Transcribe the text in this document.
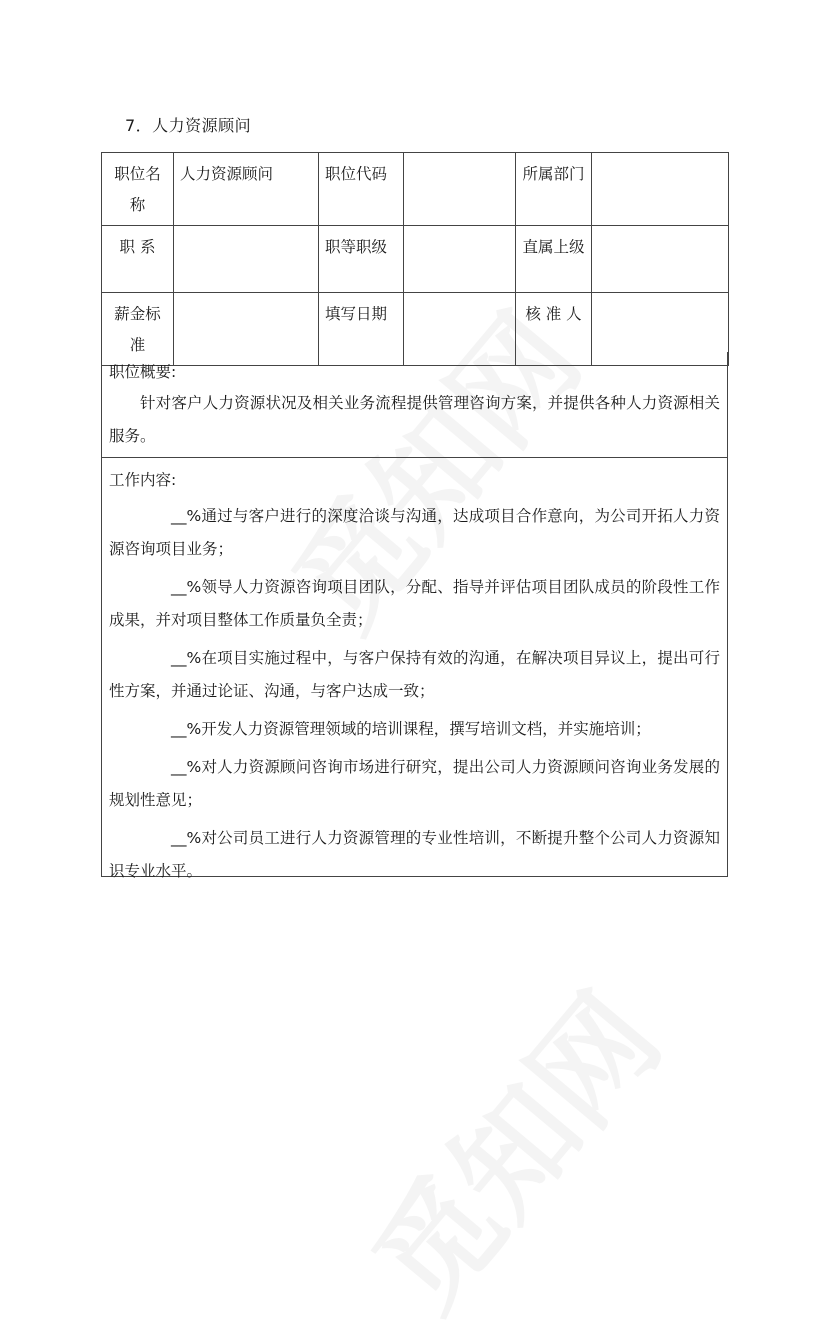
7．人力资源顾问
职位名称	人力资源顾问	职位代码		所属部门	
职 系		职等职级		直属上级	
薪金标准		填写日期		核 准 人	
职位概要:

针对客户人力资源状况及相关业务流程提供管理咨询方案，并提供各种人力资源相关服务。

工作内容:

__%通过与客户进行的深度洽谈与沟通，达成项目合作意向，为公司开拓人力资源咨询项目业务；

__%领导人力资源咨询项目团队，分配、指导并评估项目团队成员的阶段性工作成果，并对项目整体工作质量负全责；

__%在项目实施过程中，与客户保持有效的沟通，在解决项目异议上，提出可行性方案，并通过论证、沟通，与客户达成一致；

__%开发人力资源管理领域的培训课程，撰写培训文档，并实施培训；

__%对人力资源顾问咨询市场进行研究，提出公司人力资源顾问咨询业务发展的规划性意见；

__%对公司员工进行人力资源管理的专业性培训，不断提升整个公司人力资源知识专业水平。
